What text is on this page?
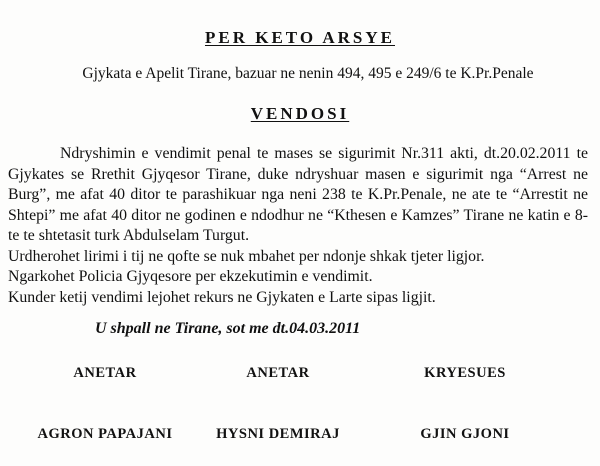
PER KETO ARSYE
Gjykata e Apelit Tirane, bazuar ne nenin 494, 495 e 249/6 te K.Pr.Penale
VENDOSI

Ndryshimin e vendimit penal te mases se sigurimit Nr.311 akti, dt.20.02.2011 te Gjykates se Rrethit Gjyqesor Tirane, duke ndryshuar masen e sigurimit nga “Arrest ne Burg”, me afat 40 ditor te parashikuar nga neni 238 te K.Pr.Penale, ne ate te “Arrestit ne Shtepi” me afat 40 ditor ne godinen e ndodhur ne “Kthesen e Kamzes” Tirane ne katin e 8-te te shtetasit turk Abdulselam Turgut.

Urdherohet lirimi i tij ne qofte se nuk mbahet per ndonje shkak tjeter ligjor.

Ngarkohet Policia Gjyqesore per ekzekutimin e vendimit.

Kunder ketij vendimi lejohet rekurs ne Gjykaten e Larte sipas ligjit.

U shpall ne Tirane, sot me dt.04.03.2011
ANETAR	ANETAR	KRYESUES
AGRON PAPAJANI	HYSNI DEMIRAJ	GJIN GJONI
